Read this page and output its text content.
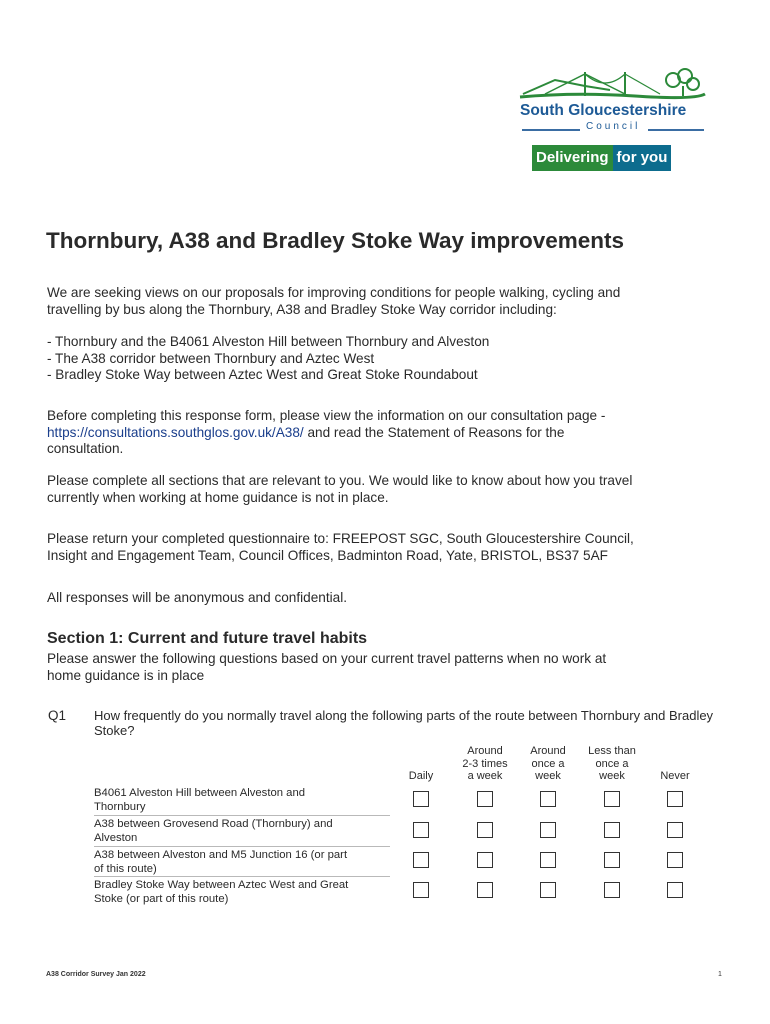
South Gloucestershire
Council
Delivering for you
Thornbury, A38 and Bradley Stoke Way improvements

We are seeking views on our proposals for improving conditions for people walking, cycling and
travelling by bus along the Thornbury, A38 and Bradley Stoke Way corridor including:

- Thornbury and the B4061 Alveston Hill between Thornbury and Alveston
- The A38 corridor between Thornbury and Aztec West
- Bradley Stoke Way between Aztec West and Great Stoke Roundabout

Before completing this response form, please view the information on our consultation page -
https://consultations.southglos.gov.uk/A38/ and read the Statement of Reasons for the
consultation.

Please complete all sections that are relevant to you. We would like to know about how you travel
currently when working at home guidance is not in place.

Please return your completed questionnaire to: FREEPOST SGC, South Gloucestershire Council,
Insight and Engagement Team, Council Offices, Badminton Road, Yate, BRISTOL, BS37 5AF

All responses will be anonymous and confidential.

Section 1: Current and future travel habits

Please answer the following questions based on your current travel patterns when no work at
home guidance is in place

Q1 How frequently do you normally travel along the following parts of the route between Thornbury and Bradley Stoke?

Daily
Around
2-3 times
a week
Around
once a
week
Less than
once a
week	Never

B4061 Alveston Hill between Alveston and
Thornbury

A38 between Grovesend Road (Thornbury) and
Alveston

A38 between Alveston and M5 Junction 16 (or part
of this route)

Bradley Stoke Way between Aztec West and Great
Stoke (or part of this route)

A38 Corridor Survey Jan 2022	1
